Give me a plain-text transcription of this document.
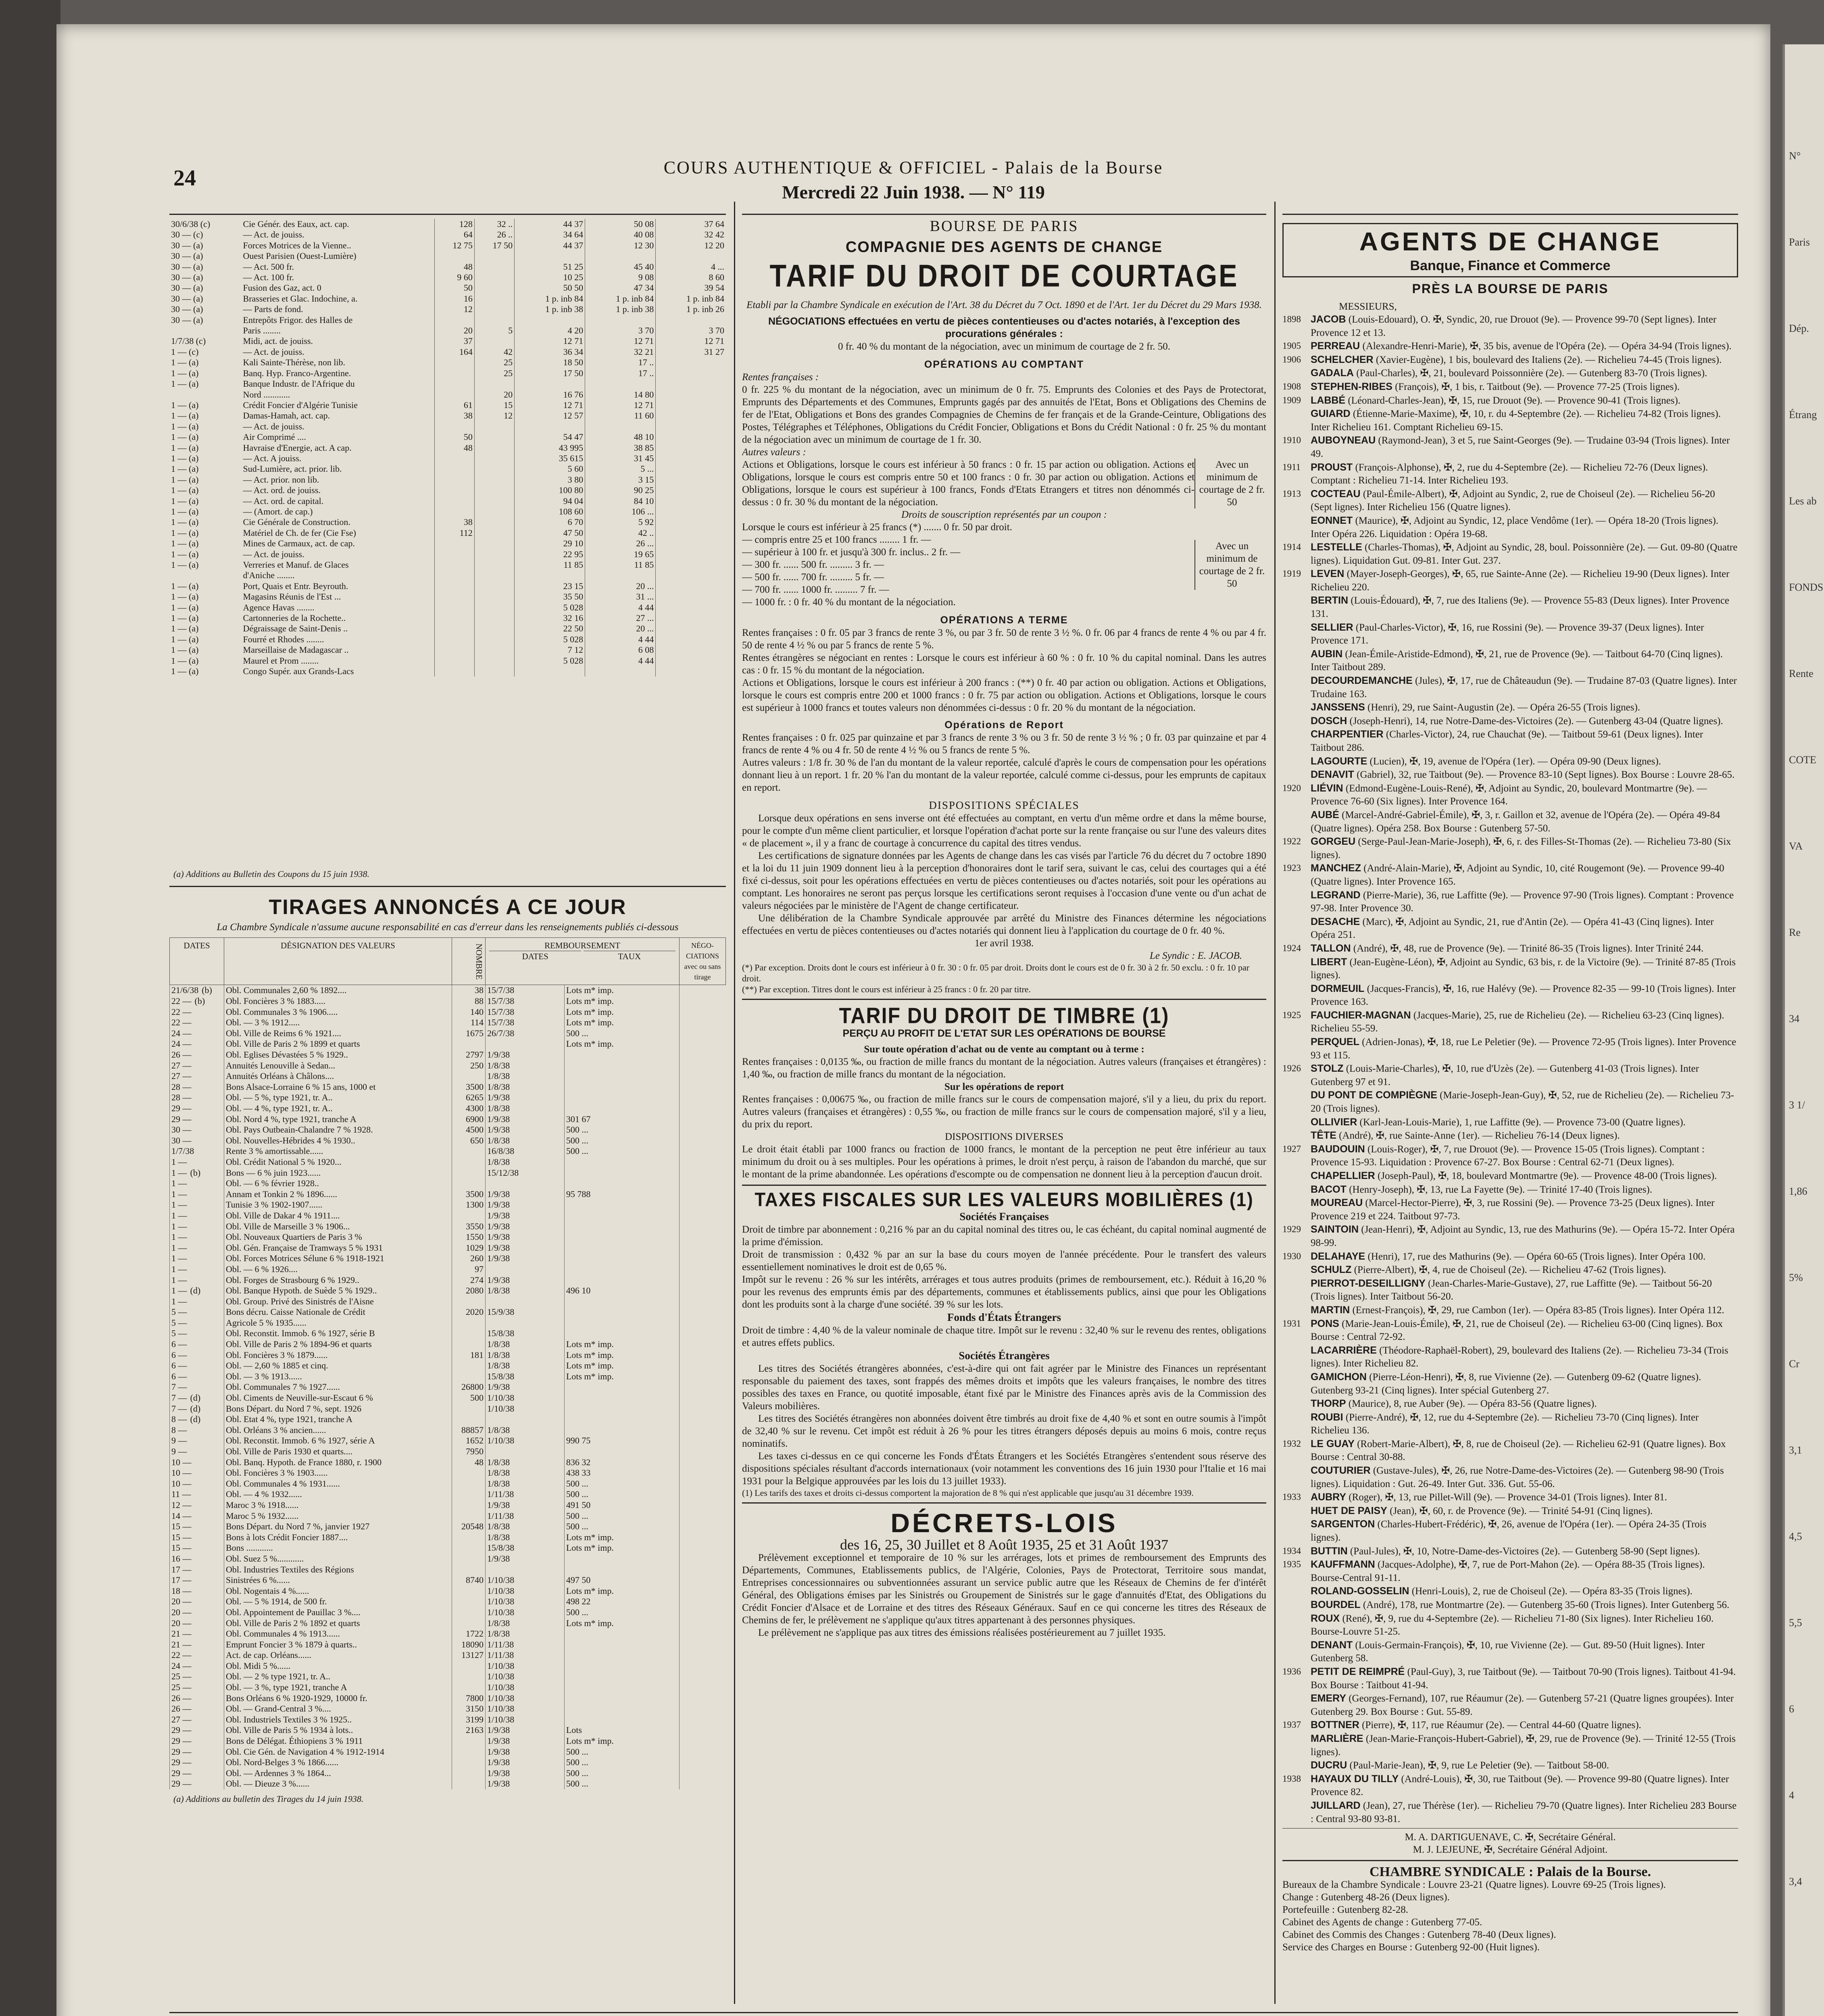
24	COURS AUTHENTIQUE & OFFICIEL - Palais de la Bourse
Mercredi 22 Juin 1938. — N° 119
30/6/38 (c)	Cie Génér. des Eaux, act. cap.	128	32 ..	44 37	50 08	37 64
30 — (c)	— Act. de jouiss.	64	26 ..	34 64	40 08	32 42
30 — (a)	Forces Motrices de la Vienne..	12 75	17 50	44 37	12 30	12 20
30 — (a)	Ouest Parisien (Ouest-Lumière)					
30 — (a)	— Act. 500 fr.	48		51 25	45 40	4 ...
30 — (a)	— Act. 100 fr.	9 60		10 25	9 08	8 60
30 — (a)	Fusion des Gaz, act. 0	50		50 50	47 34	39 54
30 — (a)	Brasseries et Glac. Indochine, a.	16		1 p. inb 84	1 p. inb 84	1 p. inb 84
30 — (a)	— Parts de fond.	12		1 p. inb 38	1 p. inb 38	1 p. inb 26
30 — (a)	Entrepôts Frigor. des Halles de					
	Paris ........	20	5	4 20	3 70	3 70
1/7/38 (c)	Midi, act. de jouiss.	37		12 71	12 71	12 71
1 — (c)	— Act. de jouiss.	164	42	36 34	32 21	31 27
1 — (a)	Kali Sainte-Thérèse, non lib.		25	18 50	17 ..	
1 — (a)	Banq. Hyp. Franco-Argentine.		25	17 50	17 ..	
1 — (a)	Banque Industr. de l'Afrique du					
	Nord ............		20	16 76	14 80	
1 — (a)	Crédit Foncier d'Algérie Tunisie	61	15	12 71	12 71	
1 — (a)	Damas-Hamah, act. cap.	38	12	12 57	11 60	
1 — (a)	— Act. de jouiss.					
1 — (a)	Air Comprimé ....	50		54 47	48 10	
1 — (a)	Havraise d'Energie, act. A cap.	48		43 995	38 85	
1 — (a)	— Act. A jouiss.			35 615	31 45	
1 — (a)	Sud-Lumière, act. prior. lib.			5 60	5 ...	
1 — (a)	— Act. prior. non lib.			3 80	3 15	
1 — (a)	— Act. ord. de jouiss.			100 80	90 25	
1 — (a)	— Act. ord. de capital.			94 04	84 10	
1 — (a)	— (Amort. de cap.)			108 60	106 ...	
1 — (a)	Cie Générale de Construction.	38		6 70	5 92	
1 — (a)	Matériel de Ch. de fer (Cie Fse)	112		47 50	42 ..	
1 — (a)	Mines de Carmaux, act. de cap.			29 10	26 ...	
1 — (a)	— Act. de jouiss.			22 95	19 65	
1 — (a)	Verreries et Manuf. de Glaces			11 85	11 85	
	d'Aniche ........					
1 — (a)	Port, Quais et Entr. Beyrouth.			23 15	20 ...	
1 — (a)	Magasins Réunis de l'Est ...			35 50	31 ...	
1 — (a)	Agence Havas ........			5 028	4 44	
1 — (a)	Cartonneries de la Rochette..			32 16	27 ...	
1 — (a)	Dégraissage de Saint-Denis ..			22 50	20 ...	
1 — (a)	Fourré et Rhodes ........			5 028	4 44	
1 — (a)	Marseillaise de Madagascar ..			7 12	6 08	
1 — (a)	Maurel et Prom ........			5 028	4 44	
1 — (a)	Congo Supér. aux Grands-Lacs					
(a) Additions au Bulletin des Coupons du 15 juin 1938.
TIRAGES ANNONCÉS A CE JOUR
La Chambre Syndicale n'assume aucune responsabilité en cas d'erreur dans les renseignements publiés ci-dessous
DATES	DÉSIGNATION DES VALEURS	NOMBRE	REMBOURSEMENT
DATES TAUX		NÉGO- CIATIONS avec ou sans tirage
21/6/38 (b)	Obl. Communales 2,60 % 1892....	38	15/7/38	Lots m* imp.	
22 — (b)	Obl. Foncières 3 % 1883.....	88	15/7/38	Lots m* imp.	
22 —	Obl. Communales 3 % 1906.....	140	15/7/38	Lots m* imp.	
22 —	Obl. — 3 % 1912.....	114	15/7/38	Lots m* imp.	
24 —	Obl. Ville de Reims 6 % 1921....	1675	26/7/38	500 ...	
24 —	Obl. Ville de Paris 2 % 1899 et quarts			Lots m* imp.	
26 —	Obl. Eglises Dévastées 5 % 1929..	2797	1/9/38		
27 —	Annuités Lenouville à Sedan...	250	1/8/38		
27 —	Annuités Orléans à Châlons....		1/8/38		
28 —	Bons Alsace-Lorraine 6 % 15 ans, 1000 et	3500	1/8/38		
28 —	Obl. — 5 %, type 1921, tr. A..	6265	1/9/38		
29 —	Obl. — 4 %, type 1921, tr. A..	4300	1/8/38		
29 —	Obl. Nord 4 %, type 1921, tranche A	6900	1/9/38	301 67	
30 —	Obl. Pays Outbeain-Chalandre 7 % 1928.	4500	1/9/38	500 ...	
30 —	Obl. Nouvelles-Hébrides 4 % 1930..	650	1/8/38	500 ...	
1/7/38	Rente 3 % amortissable......		16/8/38	500 ...	
1 —	Obl. Crédit National 5 % 1920...		1/8/38		
1 — (b)	Bons — 6 % juin 1923......		15/12/38		
1 —	Obl. — 6 % février 1928..				
1 —	Annam et Tonkin 2 % 1896......	3500	1/9/38	95 788	
1 —	Tunisie 3 % 1902-1907......	1300	1/9/38		
1 —	Obl. Ville de Dakar 4 % 1911....		1/9/38		
1 —	Obl. Ville de Marseille 3 % 1906...	3550	1/9/38		
1 —	Obl. Nouveaux Quartiers de Paris 3 %	1550	1/9/38		
1 —	Obl. Gén. Française de Tramways 5 % 1931	1029	1/9/38		
1 —	Obl. Forces Motrices Sélune 6 % 1918-1921	260	1/9/38		
1 —	Obl. — 6 % 1926....	97			
1 —	Obl. Forges de Strasbourg 6 % 1929..	274	1/9/38		
1 — (d)	Obl. Banque Hypoth. de Suède 5 % 1929..	2080	1/8/38	496 10	
1 —	Obl. Group. Privé des Sinistrés de l'Aisne				
5 —	Bons décru. Caisse Nationale de Crédit	2020	15/9/38		
5 —	Agricole 5 % 1935......				
5 —	Obl. Reconstit. Immob. 6 % 1927, série B		15/8/38		
6 —	Obl. Ville de Paris 2 % 1894-96 et quarts		1/8/38	Lots m* imp.	
6 —	Obl. Foncières 3 % 1879......	181	1/8/38	Lots m* imp.	
6 —	Obl. — 2,60 % 1885 et cinq.		1/8/38	Lots m* imp.	
6 —	Obl. — 3 % 1913......		15/8/38	Lots m* imp.	
7 —	Obl. Communales 7 % 1927......	26800	1/9/38		
7 — (d)	Obl. Ciments de Neuville-sur-Escaut 6 %	500	1/10/38		
7 — (d)	Bons Départ. du Nord 7 %, sept. 1926		1/10/38		
8 — (d)	Obl. Etat 4 %, type 1921, tranche A				
8 —	Obl. Orléans 3 % ancien......	88857	1/8/38		
9 —	Obl. Reconstit. Immob. 6 % 1927, série A	1652	1/10/38	990 75	
9 —	Obl. Ville de Paris 1930 et quarts....	7950			
10 —	Obl. Banq. Hypoth. de France 1880, r. 1900	48	1/8/38	836 32	
10 —	Obl. Foncières 3 % 1903......		1/8/38	438 33	
10 —	Obl. Communales 4 % 1931......		1/8/38	500 ...	
11 —	Obl. — 4 % 1932......		1/11/38	500 ...	
12 —	Maroc 3 % 1918......		1/9/38	491 50	
14 —	Maroc 5 % 1932......		1/11/38	500 ...	
15 —	Bons Départ. du Nord 7 %, janvier 1927	20548	1/8/38	500 ...	
15 —	Bons à lots Crédit Foncier 1887....		1/8/38	Lots m* imp.	
15 —	Bons ............		15/8/38	Lots m* imp.	
16 —	Obl. Suez 5 %............		1/9/38		
17 —	Obl. Industries Textiles des Régions				
17 —	Sinistrées 6 %......	8740	1/10/38	497 50	
18 —	Obl. Nogentais 4 %......		1/10/38	Lots m* imp.	
20 —	Obl. — 5 % 1914, de 500 fr.		1/10/38	498 22	
20 —	Obl. Appointement de Pauillac 3 %....		1/10/38	500 ...	
20 —	Obl. Ville de Paris 2 % 1892 et quarts		1/8/38	Lots m* imp.	
21 —	Obl. Communales 4 % 1913......	1722	1/8/38		
21 —	Emprunt Foncier 3 % 1879 à quarts..	18090	1/11/38		
22 —	Act. de cap. Orléans......	13127	1/11/38		
24 —	Obl. Midi 5 %......		1/10/38		
25 —	Obl. — 2 % type 1921, tr. A..		1/10/38		
25 —	Obl. — 3 %, type 1921, tranche A		1/10/38		
26 —	Bons Orléans 6 % 1920-1929, 10000 fr.	7800	1/10/38		
26 —	Obl. — Grand-Central 3 %....	3150	1/10/38		
27 —	Obl. Industriels Textiles 3 % 1925..	3199	1/10/38		
29 —	Obl. Ville de Paris 5 % 1934 à lots..	2163	1/9/38	Lots	
29 —	Bons de Délégat. Éthiopiens 3 % 1911		1/9/38	Lots m* imp.	
29 —	Obl. Cie Gén. de Navigation 4 % 1912-1914		1/9/38	500 ...	
29 —	Obl. Nord-Belges 3 % 1866......		1/9/38	500 ...	
29 —	Obl. — Ardennes 3 % 1864...		1/9/38	500 ...	
29 —	Obl. — Dieuze 3 %......		1/9/38	500 ...	
(a) Additions au bulletin des Tirages du 14 juin 1938.
BOURSE DE PARIS
COMPAGNIE DES AGENTS DE CHANGE
TARIF DU DROIT DE COURTAGE
Etabli par la Chambre Syndicale en exécution de l'Art. 38 du Décret du 7 Oct. 1890 et de l'Art. 1er du Décret du 29 Mars 1938.
NÉGOCIATIONS effectuées en vertu de pièces contentieuses ou d'actes notariés, à l'exception des procurations générales :
0 fr. 40 % du montant de la négociation, avec un minimum de courtage de 2 fr. 50.
OPÉRATIONS AU COMPTANT
Rentes françaises :
0 fr. 225 % du montant de la négociation, avec un minimum de 0 fr. 75. Emprunts des Colonies et des Pays de Protectorat, Emprunts des Départements et des Communes, Emprunts gagés par des annuités de l'Etat, Bons et Obligations des Chemins de fer de l'Etat, Obligations et Bons des grandes Compagnies de Chemins de fer français et de la Grande-Ceinture, Obligations des Postes, Télégraphes et Téléphones, Obligations du Crédit Foncier, Obligations et Bons du Crédit National : 0 fr. 25 % du montant de la négociation avec un minimum de courtage de 1 fr. 30.
Autres valeurs :
Actions et Obligations, lorsque le cours est inférieur à 50 francs : 0 fr. 15 par action ou obligation. Actions et Obligations, lorsque le cours est compris entre 50 et 100 francs : 0 fr. 30 par action ou obligation. Actions et Obligations, lorsque le cours est supérieur à 100 francs, Fonds d'Etats Etrangers et titres non dénommés ci-dessus : 0 fr. 30 % du montant de la négociation.
Avec un minimum de courtage de 2 fr. 50
Droits de souscription représentés par un coupon :
Lorsque le cours est inférieur à 25 francs (*) ....... 0 fr. 50 par droit.
— compris entre 25 et 100 francs ........ 1 fr. —
— supérieur à 100 fr. et jusqu'à 300 fr. inclus.. 2 fr. —
— 300 fr. ...... 500 fr. ......... 3 fr. —
— 500 fr. ...... 700 fr. ......... 5 fr. —
— 700 fr. ...... 1000 fr. ......... 7 fr. —
— 1000 fr. : 0 fr. 40 % du montant de la négociation.
Avec un minimum de courtage de 2 fr. 50
OPÉRATIONS A TERME
Rentes françaises : 0 fr. 05 par 3 francs de rente 3 %, ou par 3 fr. 50 de rente 3 ½ %. 0 fr. 06 par 4 francs de rente 4 % ou par 4 fr. 50 de rente 4 ½ % ou par 5 francs de rente 5 %.
Rentes étrangères se négociant en rentes : Lorsque le cours est inférieur à 60 % : 0 fr. 10 % du capital nominal. Dans les autres cas : 0 fr. 15 % du montant de la négociation.
Actions et Obligations, lorsque le cours est inférieur à 200 francs : (**) 0 fr. 40 par action ou obligation. Actions et Obligations, lorsque le cours est compris entre 200 et 1000 francs : 0 fr. 75 par action ou obligation. Actions et Obligations, lorsque le cours est supérieur à 1000 francs et toutes valeurs non dénommées ci-dessus : 0 fr. 20 % du montant de la négociation.
Opérations de Report
Rentes françaises : 0 fr. 025 par quinzaine et par 3 francs de rente 3 % ou 3 fr. 50 de rente 3 ½ % ; 0 fr. 03 par quinzaine et par 4 francs de rente 4 % ou 4 fr. 50 de rente 4 ½ % ou 5 francs de rente 5 %.
Autres valeurs : 1/8 fr. 30 % de l'an du montant de la valeur reportée, calculé d'après le cours de compensation pour les opérations donnant lieu à un report. 1 fr. 20 % l'an du montant de la valeur reportée, calculé comme ci-dessus, pour les emprunts de capitaux en report.
DISPOSITIONS SPÉCIALES
Lorsque deux opérations en sens inverse ont été effectuées au comptant, en vertu d'un même ordre et dans la même bourse, pour le compte d'un même client particulier, et lorsque l'opération d'achat porte sur la rente française ou sur l'une des valeurs dites « de placement », il y a franc de courtage à concurrence du capital des titres vendus.
Les certifications de signature données par les Agents de change dans les cas visés par l'article 76 du décret du 7 octobre 1890 et la loi du 11 juin 1909 donnent lieu à la perception d'honoraires dont le tarif sera, suivant le cas, celui des courtages qui a été fixé ci-dessus, soit pour les opérations effectuées en vertu de pièces contentieuses ou d'actes notariés, soit pour les opérations au comptant. Les honoraires ne seront pas perçus lorsque les certifications seront requises à l'occasion d'une vente ou d'un achat de valeurs négociées par le ministère de l'Agent de change certificateur.
Une délibération de la Chambre Syndicale approuvée par arrêté du Ministre des Finances détermine les négociations effectuées en vertu de pièces contentieuses ou d'actes notariés qui donnent lieu à l'application du courtage de 0 fr. 40 %.
1er avril 1938.
Le Syndic : E. JACOB.
(*) Par exception. Droits dont le cours est inférieur à 0 fr. 30 : 0 fr. 05 par droit. Droits dont le cours est de 0 fr. 30 à 2 fr. 50 exclu. : 0 fr. 10 par droit.
(**) Par exception. Titres dont le cours est inférieur à 25 francs : 0 fr. 20 par titre.
TARIF DU DROIT DE TIMBRE (1)
PERÇU AU PROFIT DE L'ETAT SUR LES OPÉRATIONS DE BOURSE
Sur toute opération d'achat ou de vente au comptant ou à terme :
Rentes françaises : 0,0135 ‰, ou fraction de mille francs du montant de la négociation. Autres valeurs (françaises et étrangères) : 1,40 ‰, ou fraction de mille francs du montant de la négociation.
Sur les opérations de report
Rentes françaises : 0,00675 ‰, ou fraction de mille francs sur le cours de compensation majoré, s'il y a lieu, du prix du report. Autres valeurs (françaises et étrangères) : 0,55 ‰, ou fraction de mille francs sur le cours de compensation majoré, s'il y a lieu, du prix du report.
DISPOSITIONS DIVERSES
Le droit était établi par 1000 francs ou fraction de 1000 francs, le montant de la perception ne peut être inférieur au taux minimum du droit ou à ses multiples. Pour les opérations à primes, le droit n'est perçu, à raison de l'abandon du marché, que sur le montant de la prime abandonnée. Les opérations d'escompte ou de compensation ne donnent lieu à la perception d'aucun droit.
TAXES FISCALES SUR LES VALEURS MOBILIÈRES (1)
Sociétés Françaises
Droit de timbre par abonnement : 0,216 % par an du capital nominal des titres ou, le cas échéant, du capital nominal augmenté de la prime d'émission.
Droit de transmission : 0,432 % par an sur la base du cours moyen de l'année précédente. Pour le transfert des valeurs essentiellement nominatives le droit est de 0,65 %.
Impôt sur le revenu : 26 % sur les intérêts, arrérages et tous autres produits (primes de remboursement, etc.). Réduit à 16,20 % pour les revenus des emprunts émis par des départements, communes et établissements publics, ainsi que pour les Obligations dont les produits sont à la charge d'une société. 39 % sur les lots.
Fonds d'États Étrangers
Droit de timbre : 4,40 % de la valeur nominale de chaque titre. Impôt sur le revenu : 32,40 % sur le revenu des rentes, obligations et autres effets publics.
Sociétés Étrangères
Les titres des Sociétés étrangères abonnées, c'est-à-dire qui ont fait agréer par le Ministre des Finances un représentant responsable du paiement des taxes, sont frappés des mêmes droits et impôts que les valeurs françaises, le nombre des titres possibles des taxes en France, ou quotité imposable, étant fixé par le Ministre des Finances après avis de la Commission des Valeurs mobilières.
Les titres des Sociétés étrangères non abonnées doivent être timbrés au droit fixe de 4,40 % et sont en outre soumis à l'impôt de 32,40 % sur le revenu. Cet impôt est réduit à 26 % pour les titres étrangers déposés depuis au moins 6 mois, contre reçus nominatifs.
Les taxes ci-dessus en ce qui concerne les Fonds d'États Étrangers et les Sociétés Etrangères s'entendent sous réserve des dispositions spéciales résultant d'accords internationaux (voir notamment les conventions des 16 juin 1930 pour l'Italie et 16 mai 1931 pour la Belgique approuvées par les lois du 13 juillet 1933).
(1) Les tarifs des taxes et droits ci-dessus comportent la majoration de 8 % qui n'est applicable que jusqu'au 31 décembre 1939.
DÉCRETS-LOIS
des 16, 25, 30 Juillet et 8 Août 1935, 25 et 31 Août 1937
Prélèvement exceptionnel et temporaire de 10 % sur les arrérages, lots et primes de remboursement des Emprunts des Départements, Communes, Etablissements publics, de l'Algérie, Colonies, Pays de Protectorat, Territoire sous mandat, Entreprises concessionnaires ou subventionnées assurant un service public autre que les Réseaux de Chemins de fer d'intérêt Général, des Obligations émises par les Sinistrés ou Groupement de Sinistrés sur le gage d'annuités d'Etat, des Obligations du Crédit Foncier d'Alsace et de Lorraine et des titres des Réseaux Généraux. Sauf en ce qui concerne les titres des Réseaux de Chemins de fer, le prélèvement ne s'applique qu'aux titres appartenant à des personnes physiques.
Le prélèvement ne s'applique pas aux titres des émissions réalisées postérieurement au 7 juillet 1935.
AGENTS DE CHANGE
Banque, Finance et Commerce
PRÈS LA BOURSE DE PARIS
MESSIEURS,
1898 JACOB (Louis-Edouard), O. ✠, Syndic, 20, rue Drouot (9e). — Provence 99-70 (Sept lignes). Inter Provence 12 et 13.
1905 PERREAU (Alexandre-Henri-Marie), ✠, 35 bis, avenue de l'Opéra (2e). — Opéra 34-94 (Trois lignes).
1906 SCHELCHER (Xavier-Eugène), 1 bis, boulevard des Italiens (2e). — Richelieu 74-45 (Trois lignes).
GADALA (Paul-Charles), ✠, 21, boulevard Poissonnière (2e). — Gutenberg 83-70 (Trois lignes).
1908 STEPHEN-RIBES (François), ✠, 1 bis, r. Taitbout (9e). — Provence 77-25 (Trois lignes).
1909 LABBÉ (Léonard-Charles-Jean), ✠, 15, rue Drouot (9e). — Provence 90-41 (Trois lignes).
GUIARD (Étienne-Marie-Maxime), ✠, 10, r. du 4-Septembre (2e). — Richelieu 74-82 (Trois lignes). Inter Richelieu 161. Comptant Richelieu 69-15.
1910 AUBOYNEAU (Raymond-Jean), 3 et 5, rue Saint-Georges (9e). — Trudaine 03-94 (Trois lignes). Inter 49.
1911 PROUST (François-Alphonse), ✠, 2, rue du 4-Septembre (2e). — Richelieu 72-76 (Deux lignes). Comptant : Richelieu 71-14. Inter Richelieu 193.
1913 COCTEAU (Paul-Émile-Albert), ✠, Adjoint au Syndic, 2, rue de Choiseul (2e). — Richelieu 56-20 (Sept lignes). Inter Richelieu 156 (Quatre lignes).
EONNET (Maurice), ✠, Adjoint au Syndic, 12, place Vendôme (1er). — Opéra 18-20 (Trois lignes). Inter Opéra 226. Liquidation : Opéra 19-68.
1914 LESTELLE (Charles-Thomas), ✠, Adjoint au Syndic, 28, boul. Poissonnière (2e). — Gut. 09-80 (Quatre lignes). Liquidation Gut. 09-81. Inter Gut. 237.
1919 LEVEN (Mayer-Joseph-Georges), ✠, 65, rue Sainte-Anne (2e). — Richelieu 19-90 (Deux lignes). Inter Richelieu 220.
BERTIN (Louis-Édouard), ✠, 7, rue des Italiens (9e). — Provence 55-83 (Deux lignes). Inter Provence 131.
SELLIER (Paul-Charles-Victor), ✠, 16, rue Rossini (9e). — Provence 39-37 (Deux lignes). Inter Provence 171.
AUBIN (Jean-Émile-Aristide-Edmond), ✠, 21, rue de Provence (9e). — Taitbout 64-70 (Cinq lignes). Inter Taitbout 289.
DECOURDEMANCHE (Jules), ✠, 17, rue de Châteaudun (9e). — Trudaine 87-03 (Quatre lignes). Inter Trudaine 163.
JANSSENS (Henri), 29, rue Saint-Augustin (2e). — Opéra 26-55 (Trois lignes).
DOSCH (Joseph-Henri), 14, rue Notre-Dame-des-Victoires (2e). — Gutenberg 43-04 (Quatre lignes).
CHARPENTIER (Charles-Victor), 24, rue Chauchat (9e). — Taitbout 59-61 (Deux lignes). Inter Taitbout 286.
LAGOURTE (Lucien), ✠, 19, avenue de l'Opéra (1er). — Opéra 09-90 (Deux lignes).
DENAVIT (Gabriel), 32, rue Taitbout (9e). — Provence 83-10 (Sept lignes). Box Bourse : Louvre 28-65.
1920 LIÉVIN (Edmond-Eugène-Louis-René), ✠, Adjoint au Syndic, 20, boulevard Montmartre (9e). — Provence 76-60 (Six lignes). Inter Provence 164.
AUBÉ (Marcel-André-Gabriel-Émile), ✠, 3, r. Gaillon et 32, avenue de l'Opéra (2e). — Opéra 49-84 (Quatre lignes). Opéra 258. Box Bourse : Gutenberg 57-50.
1922 GORGEU (Serge-Paul-Jean-Marie-Joseph), ✠, 6, r. des Filles-St-Thomas (2e). — Richelieu 73-80 (Six lignes).
1923 MANCHEZ (André-Alain-Marie), ✠, Adjoint au Syndic, 10, cité Rougemont (9e). — Provence 99-40 (Quatre lignes). Inter Provence 165.
LEGRAND (Pierre-Marie), 36, rue Laffitte (9e). — Provence 97-90 (Trois lignes). Comptant : Provence 97-98. Inter Provence 30.
DESACHE (Marc), ✠, Adjoint au Syndic, 21, rue d'Antin (2e). — Opéra 41-43 (Cinq lignes). Inter Opéra 251.
1924 TALLON (André), ✠, 48, rue de Provence (9e). — Trinité 86-35 (Trois lignes). Inter Trinité 244.
LIBERT (Jean-Eugène-Léon), ✠, Adjoint au Syndic, 63 bis, r. de la Victoire (9e). — Trinité 87-85 (Trois lignes).
DORMEUIL (Jacques-Francis), ✠, 16, rue Halévy (9e). — Provence 82-35 — 99-10 (Trois lignes). Inter Provence 163.
1925 FAUCHIER-MAGNAN (Jacques-Marie), 25, rue de Richelieu (2e). — Richelieu 63-23 (Cinq lignes). Richelieu 55-59.
PERQUEL (Adrien-Jonas), ✠, 18, rue Le Peletier (9e). — Provence 72-95 (Trois lignes). Inter Provence 93 et 115.
1926 STOLZ (Louis-Marie-Charles), ✠, 10, rue d'Uzès (2e). — Gutenberg 41-03 (Trois lignes). Inter Gutenberg 97 et 91.
DU PONT DE COMPIÈGNE (Marie-Joseph-Jean-Guy), ✠, 52, rue de Richelieu (2e). — Richelieu 73-20 (Trois lignes).
OLLIVIER (Karl-Jean-Louis-Marie), 1, rue Laffitte (9e). — Provence 73-00 (Quatre lignes).
TÊTE (André), ✠, rue Sainte-Anne (1er). — Richelieu 76-14 (Deux lignes).
1927 BAUDOUIN (Louis-Roger), ✠, 7, rue Drouot (9e). — Provence 15-05 (Trois lignes). Comptant : Provence 15-93. Liquidation : Provence 67-27. Box Bourse : Central 62-71 (Deux lignes).
CHAPELLIER (Joseph-Paul), ✠, 18, boulevard Montmartre (9e). — Provence 48-00 (Trois lignes).
BACOT (Henry-Joseph), ✠, 13, rue La Fayette (9e). — Trinité 17-40 (Trois lignes).
MOUREAU (Marcel-Hector-Pierre), ✠, 3, rue Rossini (9e). — Provence 73-25 (Deux lignes). Inter Provence 219 et 224. Taitbout 97-73.
1929 SAINTOIN (Jean-Henri), ✠, Adjoint au Syndic, 13, rue des Mathurins (9e). — Opéra 15-72. Inter Opéra 98-99.
1930 DELAHAYE (Henri), 17, rue des Mathurins (9e). — Opéra 60-65 (Trois lignes). Inter Opéra 100.
SCHULZ (Pierre-Albert), ✠, 4, rue de Choiseul (2e). — Richelieu 47-62 (Trois lignes).
PIERROT-DESEILLIGNY (Jean-Charles-Marie-Gustave), 27, rue Laffitte (9e). — Taitbout 56-20 (Trois lignes). Inter Taitbout 56-20.
MARTIN (Ernest-François), ✠, 29, rue Cambon (1er). — Opéra 83-85 (Trois lignes). Inter Opéra 112.
1931 PONS (Marie-Jean-Louis-Émile), ✠, 21, rue de Choiseul (2e). — Richelieu 63-00 (Cinq lignes). Box Bourse : Central 72-92.
LACARRIÈRE (Théodore-Raphaël-Robert), 29, boulevard des Italiens (2e). — Richelieu 73-34 (Trois lignes). Inter Richelieu 82.
GAMICHON (Pierre-Léon-Henri), ✠, 8, rue Vivienne (2e). — Gutenberg 09-62 (Quatre lignes). Gutenberg 93-21 (Cinq lignes). Inter spécial Gutenberg 27.
THORP (Maurice), 8, rue Auber (9e). — Opéra 83-56 (Quatre lignes).
ROUBI (Pierre-André), ✠, 12, rue du 4-Septembre (2e). — Richelieu 73-70 (Cinq lignes). Inter Richelieu 136.
1932 LE GUAY (Robert-Marie-Albert), ✠, 8, rue de Choiseul (2e). — Richelieu 62-91 (Quatre lignes). Box Bourse : Central 30-88.
COUTURIER (Gustave-Jules), ✠, 26, rue Notre-Dame-des-Victoires (2e). — Gutenberg 98-90 (Trois lignes). Liquidation : Gut. 26-49. Inter Gut. 336. Gut. 55-06.
1933 AUBRY (Roger), ✠, 13, rue Pillet-Will (9e). — Provence 34-01 (Trois lignes). Inter 81.
HUET DE PAISY (Jean), ✠, 60, r. de Provence (9e). — Trinité 54-91 (Cinq lignes).
SARGENTON (Charles-Hubert-Frédéric), ✠, 26, avenue de l'Opéra (1er). — Opéra 24-35 (Trois lignes).
1934 BUTTIN (Paul-Jules), ✠, 10, Notre-Dame-des-Victoires (2e). — Gutenberg 58-90 (Sept lignes).
1935 KAUFFMANN (Jacques-Adolphe), ✠, 7, rue de Port-Mahon (2e). — Opéra 88-35 (Trois lignes). Bourse-Central 91-11.
ROLAND-GOSSELIN (Henri-Louis), 2, rue de Choiseul (2e). — Opéra 83-35 (Trois lignes).
BOURDEL (André), 178, rue Montmartre (2e). — Gutenberg 35-60 (Trois lignes). Inter Gutenberg 56.
ROUX (René), ✠, 9, rue du 4-Septembre (2e). — Richelieu 71-80 (Six lignes). Inter Richelieu 160. Bourse-Louvre 51-25.
DENANT (Louis-Germain-François), ✠, 10, rue Vivienne (2e). — Gut. 89-50 (Huit lignes). Inter Gutenberg 58.
1936 PETIT DE REIMPRÉ (Paul-Guy), 3, rue Taitbout (9e). — Taitbout 70-90 (Trois lignes). Taitbout 41-94. Box Bourse : Taitbout 41-94.
EMERY (Georges-Fernand), 107, rue Réaumur (2e). — Gutenberg 57-21 (Quatre lignes groupées). Inter Gutenberg 29. Box Bourse : Gut. 55-89.
1937 BOTTNER (Pierre), ✠, 117, rue Réaumur (2e). — Central 44-60 (Quatre lignes).
MARLIÈRE (Jean-Marie-François-Hubert-Gabriel), ✠, 29, rue de Provence (9e). — Trinité 12-55 (Trois lignes).
DUCRU (Paul-Marie-Jean), ✠, 9, rue Le Peletier (9e). — Taitbout 58-00.
1938 HAYAUX DU TILLY (André-Louis), ✠, 30, rue Taitbout (9e). — Provence 99-80 (Quatre lignes). Inter Provence 82.
JUILLARD (Jean), 27, rue Thérèse (1er). — Richelieu 79-70 (Quatre lignes). Inter Richelieu 283 Bourse : Central 93-80 93-81.
M. A. DARTIGUENAVE, C. ✠, Secrétaire Général.
M. J. LEJEUNE, ✠, Secrétaire Général Adjoint.
CHAMBRE SYNDICALE : Palais de la Bourse.
Bureaux de la Chambre Syndicale : Louvre 23-21 (Quatre lignes). Louvre 69-25 (Trois lignes).
Change : Gutenberg 48-26 (Deux lignes).
Portefeuille : Gutenberg 82-28.
Cabinet des Agents de change : Gutenberg 77-05.
Cabinet des Commis des Changes : Gutenberg 78-40 (Deux lignes).
Service des Charges en Bourse : Gutenberg 92-00 (Huit lignes).
N°
Paris
Dép.
Étrang
Les ab
FONDS
Rente
COTE
VA
Re
34
3 1/
1,86
5%
Cr
3,1
4,5
5,5
6
4
3,4
